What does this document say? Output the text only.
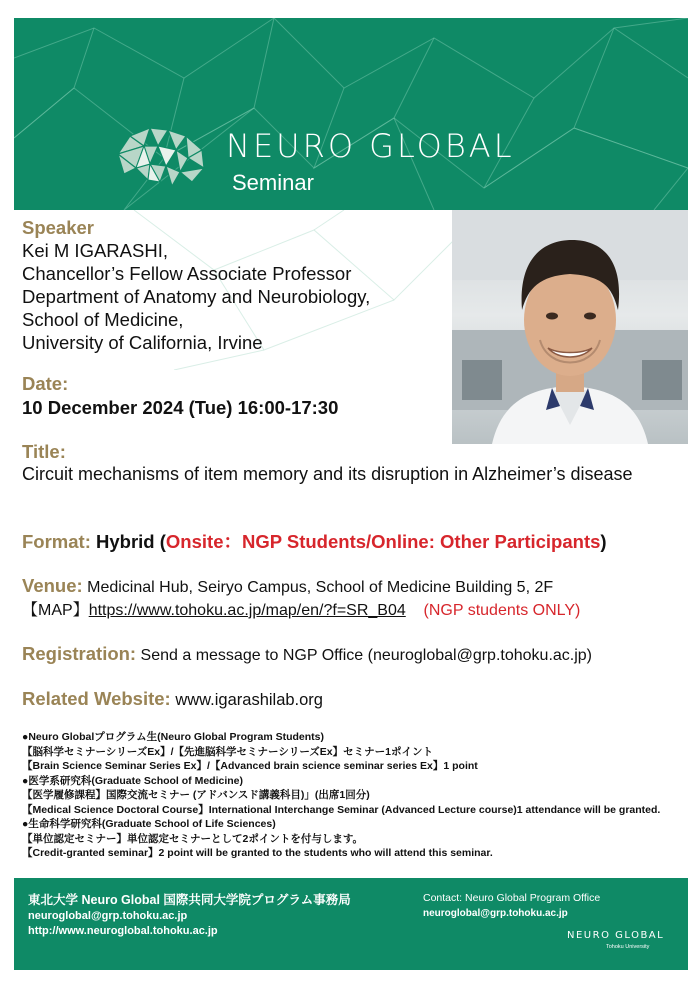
NEURO GLOBAL
Seminar
Speaker
Kei M IGARASHI,
Chancellor’s Fellow Associate Professor
Department of Anatomy and Neurobiology,
School of Medicine,
University of California, Irvine
Date:
10 December 2024 (Tue) 16:00-17:30
Title:
Circuit mechanisms of item memory and its disruption in Alzheimer’s disease
Format: Hybrid (Onsite：NGP Students/Online: Other Participants)
Venue: Medicinal Hub, Seiryo Campus, School of Medicine Building 5, 2F
【MAP】https://www.tohoku.ac.jp/map/en/?f=SR_B04 (NGP students ONLY)
Registration: Send a message to NGP Office (neuroglobal@grp.tohoku.ac.jp)
Related Website: www.igarashilab.org
●Neuro Globalプログラム生(Neuro Global Program Students)
【脳科学セミナーシリーズEx】/【先進脳科学セミナーシリーズEx】セミナー1ポイント
【Brain Science Seminar Series Ex】/【Advanced brain science seminar series Ex】1 point
●医学系研究科(Graduate School of Medicine)
【医学履修課程】国際交流セミナー (アドバンスド講義科目)」(出席1回分)
【Medical Science Doctoral Course】International Interchange Seminar (Advanced Lecture course)1 attendance will be granted.
●生命科学研究科(Graduate School of Life Sciences)
【単位認定セミナー】単位認定セミナーとして2ポイントを付与します。
【Credit-granted seminar】2 point will be granted to the students who will attend this seminar.
東北大学 Neuro Global 国際共同大学院プログラム事務局
neuroglobal@grp.tohoku.ac.jp
http://www.neuroglobal.tohoku.ac.jp
Contact: Neuro Global Program Office
neuroglobal@grp.tohoku.ac.jp
NEURO GLOBAL
Tohoku University
